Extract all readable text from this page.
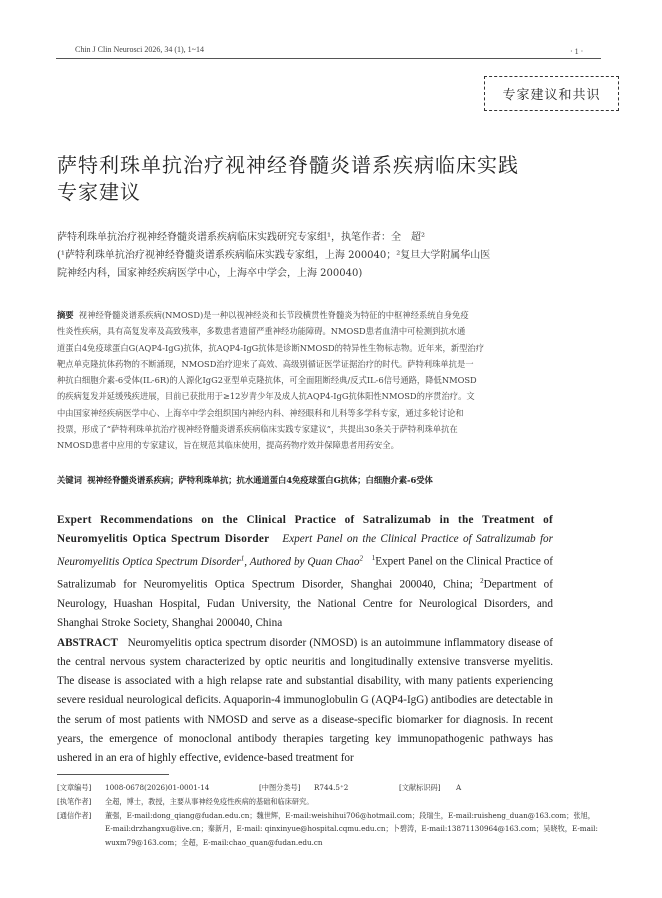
Chin J Clin Neurosci 2026, 34 (1), 1~14	· 1 ·
专家建议和共识
萨特利珠单抗治疗视神经脊髓炎谱系疾病临床实践
专家建议
萨特利珠单抗治疗视神经脊髓炎谱系疾病临床实践研究专家组¹，执笔作者：全　超²
(¹萨特利珠单抗治疗视神经脊髓炎谱系疾病临床实践专家组，上海 200040；²复旦大学附属华山医
院神经内科，国家神经疾病医学中心，上海卒中学会，上海 200040)
摘要
视神经脊髓炎谱系疾病(NMOSD)是一种以视神经炎和长节段横贯性脊髓炎为特征的中枢神经系统自身免疫
性炎性疾病，具有高复发率及高致残率，多数患者遗留严重神经功能障碍。NMOSD患者血清中可检测到抗水通
道蛋白4免疫球蛋白G(AQP4-IgG)抗体，抗AQP4-IgG抗体是诊断NMOSD的特异性生物标志物。近年来，新型治疗
靶点单克隆抗体药物的不断涌现，NMOSD治疗迎来了高效、高级别循证医学证据治疗的时代。萨特利珠单抗是一
种抗白细胞介素-6受体(IL-6R)的人源化IgG2亚型单克隆抗体，可全面阻断经典/反式IL-6信号通路，降低NMOSD
的疾病复发并延缓残疾进展，目前已获批用于≥12岁青少年及成人抗AQP4-IgG抗体阳性NMOSD的序贯治疗。文
中由国家神经疾病医学中心、上海卒中学会组织国内神经内科、神经眼科和儿科等多学科专家，通过多轮讨论和
投票，形成了“萨特利珠单抗治疗视神经脊髓炎谱系疾病临床实践专家建议”，共提出30条关于萨特利珠单抗在
NMOSD患者中应用的专家建议，旨在规范其临床使用，提高药物疗效并保障患者用药安全。
关键词 视神经脊髓炎谱系疾病；萨特利珠单抗；抗水通道蛋白4免疫球蛋白G抗体；白细胞介素-6受体
Expert Recommendations on the Clinical Practice of Satralizumab in the Treatment of Neuromyelitis Optica Spectrum Disorder Expert Panel on the Clinical Practice of Satralizumab for Neuromyelitis Optica Spectrum Disorder$^1$, Authored by Quan Chao$^2$ $^1$Expert Panel on the Clinical Practice of Satralizumab for Neuromyelitis Optica Spectrum Disorder, Shanghai 200040, China; $^2$Department of Neurology, Huashan Hospital, Fudan University, the National Centre for Neurological Disorders, and Shanghai Stroke Society, Shanghai 200040, China
ABSTRACT Neuromyelitis optica spectrum disorder (NMOSD) is an autoimmune inflammatory disease of the central nervous system characterized by optic neuritis and longitudinally extensive transverse myelitis. The disease is associated with a high relapse rate and substantial disability, with many patients experiencing severe residual neurological deficits. Aquaporin-4 immunoglobulin G (AQP4-IgG) antibodies are detectable in the serum of most patients with NMOSD and serve as a disease-specific biomarker for diagnosis. In recent years, the emergence of monoclonal antibody therapies targeting key immunopathogenic pathways has ushered in an era of highly effective, evidence-based treatment for
[文章编号]	1008-0678(2026)01-0001-14	[中图分类号]	R744.5⁺2	[文献标识码]	A
[执笔作者]	全超，博士，教授，主要从事神经免疫性疾病的基础和临床研究。
[通信作者]	董强，E-mail:dong_qiang@fudan.edu.cn；魏世辉，E-mail:weishihui706@hotmail.com；段瑞生，E-mail:ruisheng_duan@163.com；张旭，
E-mail:drzhangxu@live.cn；秦新月，E-mail: qinxinyue@hospital.cqmu.edu.cn；卜碧涛，E-mail:13871130964@163.com；吴晓牧，E-mail:
wuxm79@163.com；全超，E-mail:chao_quan@fudan.edu.cn
